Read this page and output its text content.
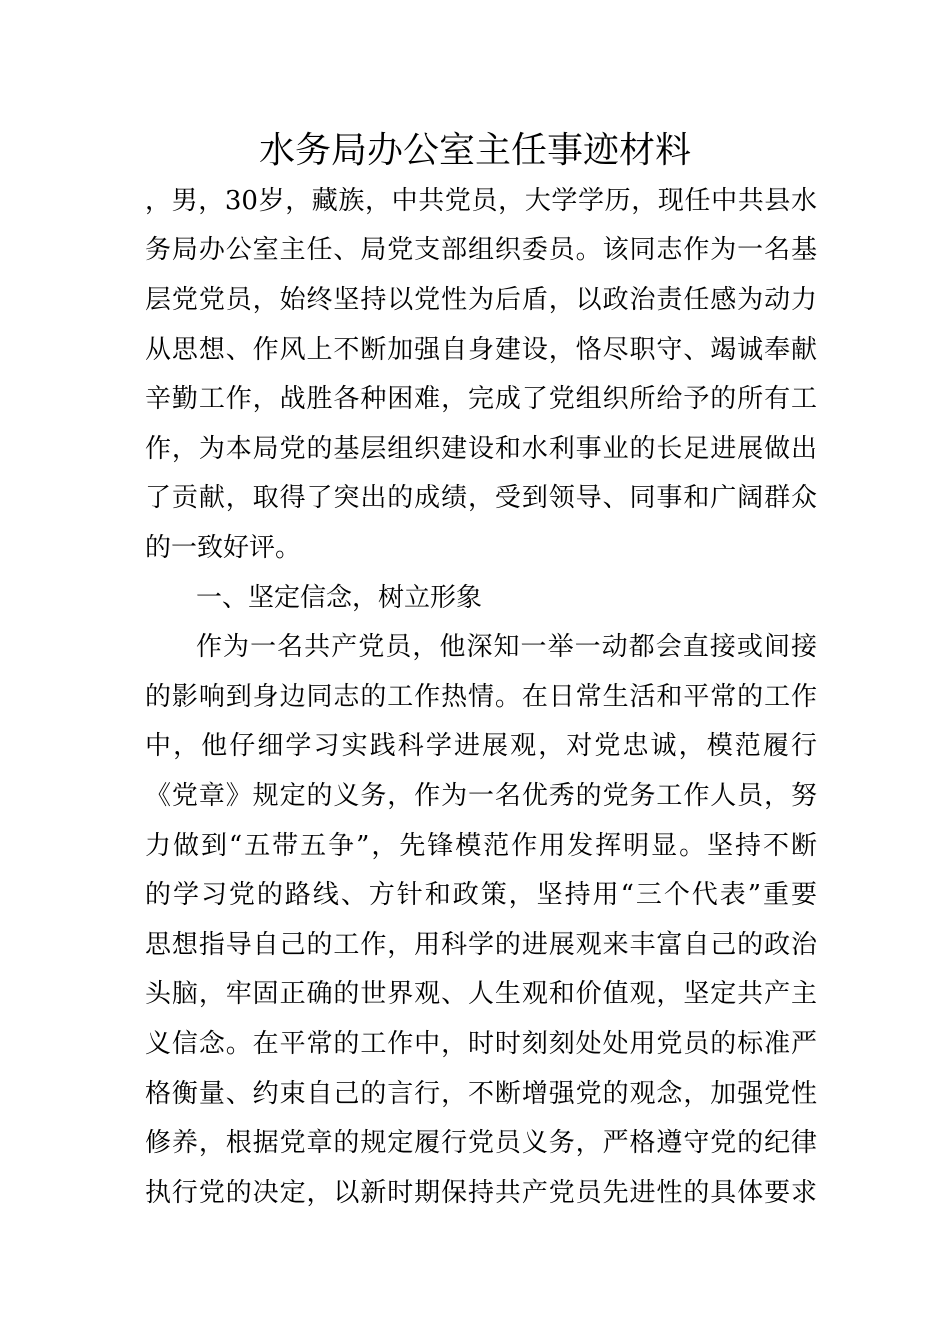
水务局办公室主任事迹材料
，男，30岁，藏族，中共党员，大学学历，现任中共县水
务局办公室主任、局党支部组织委员。该同志作为一名基
层党党员，始终坚持以党性为后盾，以政治责任感为动力
从思想、作风上不断加强自身建设，恪尽职守、竭诚奉献
辛勤工作，战胜各种困难，完成了党组织所给予的所有工
作，为本局党的基层组织建设和水利事业的长足进展做出
了贡献，取得了突出的成绩，受到领导、同事和广阔群众
的一致好评。
一、坚定信念，树立形象
作为一名共产党员，他深知一举一动都会直接或间接
的影响到身边同志的工作热情。在日常生活和平常的工作
中，他仔细学习实践科学进展观，对党忠诚，模范履行
《党章》规定的义务，作为一名优秀的党务工作人员，努
力做到“五带五争”，先锋模范作用发挥明显。坚持不断
的学习党的路线、方针和政策，坚持用“三个代表”重要
思想指导自己的工作，用科学的进展观来丰富自己的政治
头脑，牢固正确的世界观、人生观和价值观，坚定共产主
义信念。在平常的工作中，时时刻刻处处用党员的标准严
格衡量、约束自己的言行，不断增强党的观念，加强党性
修养，根据党章的规定履行党员义务，严格遵守党的纪律
执行党的决定，以新时期保持共产党员先进性的具体要求
